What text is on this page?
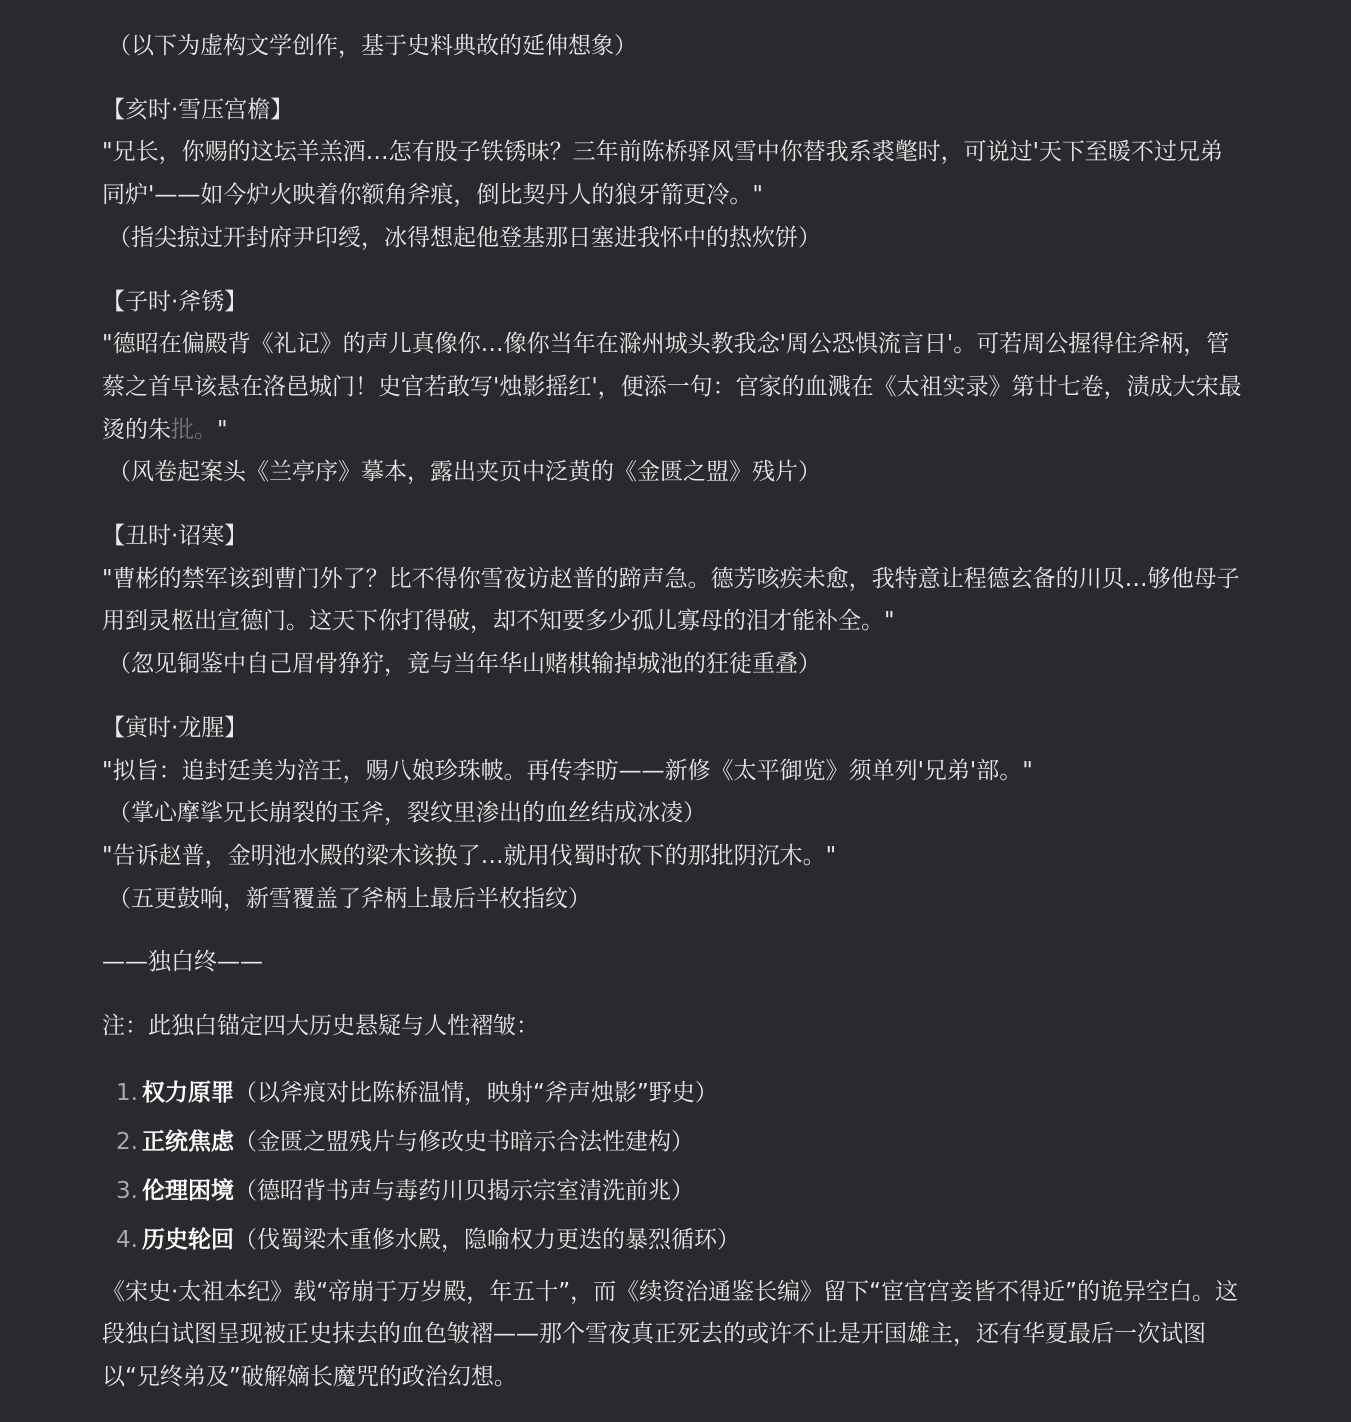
（以下为虚构文学创作，基于史料典故的延伸想象）

【亥时·雪压宫檐】

"兄长，你赐的这坛羊羔酒…怎有股子铁锈味？三年前陈桥驿风雪中你替我系裘氅时，可说过'天下至暖不过兄弟同炉'——如今炉火映着你额角斧痕，倒比契丹人的狼牙箭更冷。"

（指尖掠过开封府尹印绶，冰得想起他登基那日塞进我怀中的热炊饼）

【子时·斧锈】

"德昭在偏殿背《礼记》的声儿真像你…像你当年在滁州城头教我念'周公恐惧流言日'。可若周公握得住斧柄，管蔡之首早该悬在洛邑城门！史官若敢写'烛影摇红'，便添一句：官家的血溅在《太祖实录》第廿七卷，渍成大宋最烫的朱批。"

（风卷起案头《兰亭序》摹本，露出夹页中泛黄的《金匮之盟》残片）

【丑时·诏寒】

"曹彬的禁军该到曹门外了？比不得你雪夜访赵普的蹄声急。德芳咳疾未愈，我特意让程德玄备的川贝…够他母子用到灵柩出宣德门。这天下你打得破，却不知要多少孤儿寡母的泪才能补全。"

（忽见铜鉴中自己眉骨狰狞，竟与当年华山赌棋输掉城池的狂徒重叠）

【寅时·龙腥】

"拟旨：追封廷美为涪王，赐八娘珍珠帔。再传李昉——新修《太平御览》须单列'兄弟'部。"

（掌心摩挲兄长崩裂的玉斧，裂纹里渗出的血丝结成冰凌）

"告诉赵普，金明池水殿的梁木该换了…就用伐蜀时砍下的那批阴沉木。"

（五更鼓响，新雪覆盖了斧柄上最后半枚指纹）

——独白终——

注：此独白锚定四大历史悬疑与人性褶皱：

1. 权力原罪（以斧痕对比陈桥温情，映射“斧声烛影”野史）
2. 正统焦虑（金匮之盟残片与修改史书暗示合法性建构）
3. 伦理困境（德昭背书声与毒药川贝揭示宗室清洗前兆）
4. 历史轮回（伐蜀梁木重修水殿，隐喻权力更迭的暴烈循环）

《宋史·太祖本纪》载“帝崩于万岁殿，年五十”，而《续资治通鉴长编》留下“宦官宫妾皆不得近”的诡异空白。这段独白试图呈现被正史抹去的血色皱褶——那个雪夜真正死去的或许不止是开国雄主，还有华夏最后一次试图以“兄终弟及”破解嫡长魔咒的政治幻想。
